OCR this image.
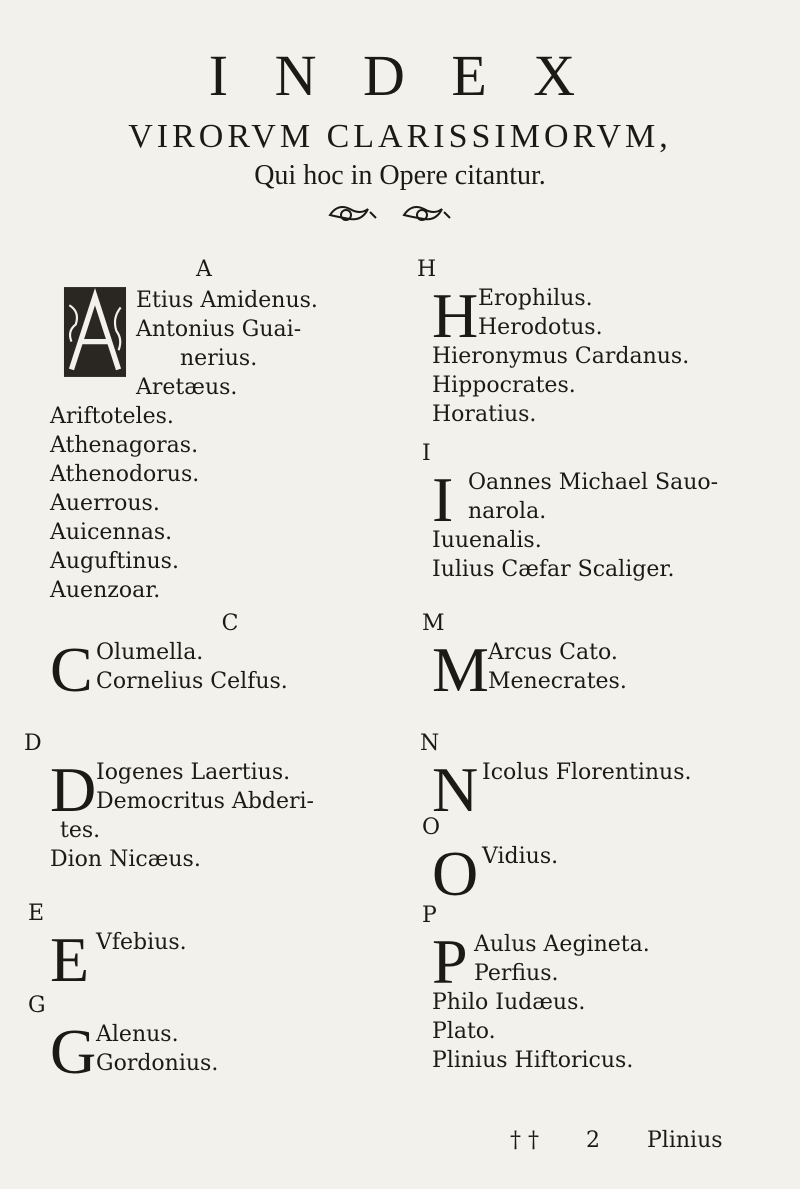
I N D E X
VIRORVM CLARISSIMORVM,
Qui hoc in Opere citantur.
A
Etius Amidenus.
Antonius Guai-
nerius.
Aretæus.
Ariftoteles.
Athenagoras.
Athenodorus.
Auerrous.
Auicennas.
Auguftinus.
Auenzoar.
C
C Olumella.
Cornelius Celfus.
D
D Iogenes Laertius.
Democritus Abderi-
tes.
Dion Nicæus.
E
E Vfebius.
G
G Alenus.
Gordonius.
H
H Erophilus.
Herodotus.
Hieronymus Cardanus.
Hippocrates.
Horatius.
I
I Oannes Michael Sauo-
narola.
Iuuenalis.
Iulius Cæfar Scaliger.
M
M Arcus Cato.
Menecrates.
N
N Icolus Florentinus.
O
O Vidius.
P
P Aulus Aegineta.
Perfius.
Philo Iudæus.
Plato.
Plinius Hiftoricus.
† † 2 Plinius
